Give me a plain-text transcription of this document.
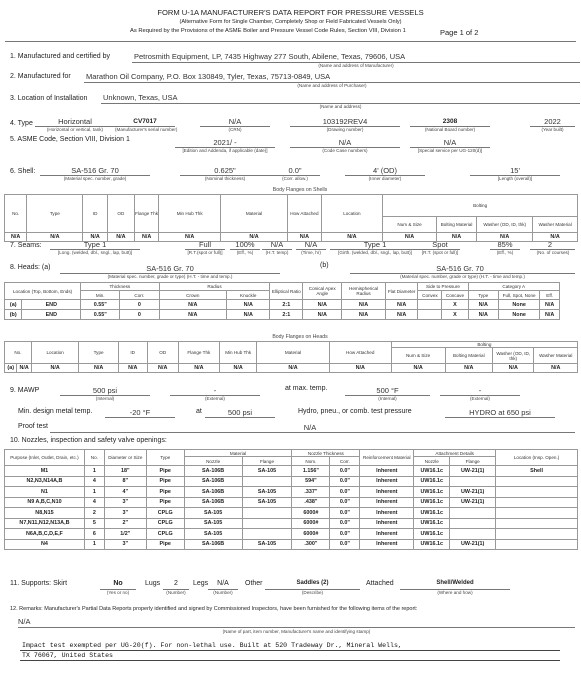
FORM U-1A MANUFACTURER'S DATA REPORT FOR PRESSURE VESSELS
(Alternative Form for Single Chamber, Completely Shop or Field Fabricated Vessels Only)
As Required by the Provisions of the ASME Boiler and Pressure Vessel Code Rules, Section VIII, Division 1	Page 1 of 2
1. Manufactured and certified by	Petrosmith Equipment, LP, 7435 Highway 277 South, Abilene, Texas, 79606, USA
(Name and address of Manufacturer)
2. Manufactured for Marathon Oil Company, P.O. Box 130849, Tyler, Texas, 75713-0849, USA
(Name and address of Purchaser)
3. Location of Installation Unknown, Texas, USA
(Name and address)
4. Type	Horizontal
(Horizontal or vertical, tank)
CV7017
(Manufacturer's serial number)
N/A
(CRN)
103192REV4
(Drawing number)
2308
(National Board number)
2022
(Year built)
5. ASME Code, Section VIII, Division 1	2021/ -
[Edition and Addenda, if applicable (date)]
N/A
(Code Case numbers)
N/A
[Special service per UG-120(d)]
6. Shell:	SA-516 Gr. 70
(Material spec. number, grade)
0.625"
(Nominal thickness)
0.0"
(Corr. allow.)
4' (OD)
(Inner diameter)
15'
[Length (overall)]
Body Flanges on Shells
No.	Type	ID	OD	Flange Thk	Min Hub Thk	Material	How Attached	Location	Bolting			
									Num & Size	Bolting Material	Washer (OD, ID, thk)	Washer Material
N/A	N/A	N/A	N/A	N/A	N/A	N/A	N/A	N/A	N/A	N/A	N/A	N/A
7. Seams:	Type 1
[Long. (welded, dbl., sngl., lap, butt)]
Full
[R.T.(spot or full)]
100%
(Eff., %)
N/A
(H.T. temp)
N/A
(Time, hr)
Type 1
[Girth. (welded, dbl., sngl., lap, butt)]
Spot
[R.T. (spot or full)]
85%
(Eff., %)
2
(No. of courses)
8. Heads: (a)	SA-516 Gr. 70
(Material spec. number, grade or type) (H.T. - time and temp.)
(b)	SA-516 Gr. 70
(Material spec. number, grade or type) (H.T. - time and temp.)
Location (Top, Bottom, Ends)		Thickness		Radius		Elliptical Ratio	Conical Apex Angle	Hemispherical Radius	Flat Diameter	Side to Pressure		Category A		
		Min.	Corr.	Crown	Knuckle					Convex	Concave	Type	Full, Spot, None	Eff.
(a)	END	0.55"	0	N/A	N/A	2:1	N/A	N/A	N/A		X	N/A	None	N/A
(b)	END	0.55"	0	N/A	N/A	2:1	N/A	N/A	N/A		X	N/A	None	N/A
Body Flanges on Heads
No.		Location	Type	ID	OD	Flange Thk	Min Hub Thk	Material	How Attached	Bolting			
										Num & Size	Bolting Material	Washer (OD, ID, thk)	Washer Material
(a)	N/A	N/A	N/A	N/A	N/A	N/A	N/A	N/A	N/A	N/A	N/A	N/A	N/A
9. MAWP	500 psi
(Internal)
-
(External)
at max. temp.	500 °F
(Internal)
-
(External)
Min. design metal temp.	-20 °F	at	500 psi	Hydro, pneu., or comb. test pressure	HYDRO at 650 psi
Proof test	N/A
10. Nozzles, inspection and safety valve openings:
Purpose (Inlet, Outlet, Drain, etc.)	No.	Diameter or Size	Type	Material		Nozzle Thickness		Reinforcement Material	Attachment Details		Location (Insp. Open.)
				Nozzle	Flange	Nom.	Corr.		Nozzle	Flange	
M1	1	18"	Pipe	SA-106B	SA-105	1.156"	0.0"	Inherent	UW16.1c	UW-21(1)	Shell
N2,N3,N14A,B	4	8"	Pipe	SA-106B		594"	0.0"	Inherent	UW16.1c		
N1	1	4"	Pipe	SA-106B	SA-105	.337"	0.0"	Inherent	UW16.1c	UW-21(1)	
N9 A,B,C,N10	4	3"	Pipe	SA-106B	SA-105	.438"	0.0"	Inherent	UW16.1c	UW-21(1)	
N8,N15	2	3"	CPLG	SA-105		6000#	0.0"	Inherent	UW16.1c		
N7,N11,N12,N13A,B	5	2"	CPLG	SA-105		6000#	0.0"	Inherent	UW16.1c		
N6A,B,C,D,E,F	6	1/2"	CPLG	SA-105		6000#	0.0"	Inherent	UW16.1c		
N4	1	3"	Pipe	SA-106B	SA-105	.300"	0.0"	Inherent	UW16.1c	UW-21(1)	
11. Supports: Skirt	No
(Yes or no)
Lugs	2
(Number)
Legs	N/A
(Number)
Other	Saddles (2)
(Describe)
Attached	Shell/Welded
(Where and how)
12. Remarks: Manufacturer's Partial Data Reports properly identified and signed by Commissioned Inspectors, have been furnished for the following items of the report:
N/A
(Name of part, item number, Manufacturer's name and identifying stamp)
Impact test exempted per UG-20(f). For non-lethal use. Built at 520 Tradeway Dr., Mineral Wells,
TX 76067, United States
